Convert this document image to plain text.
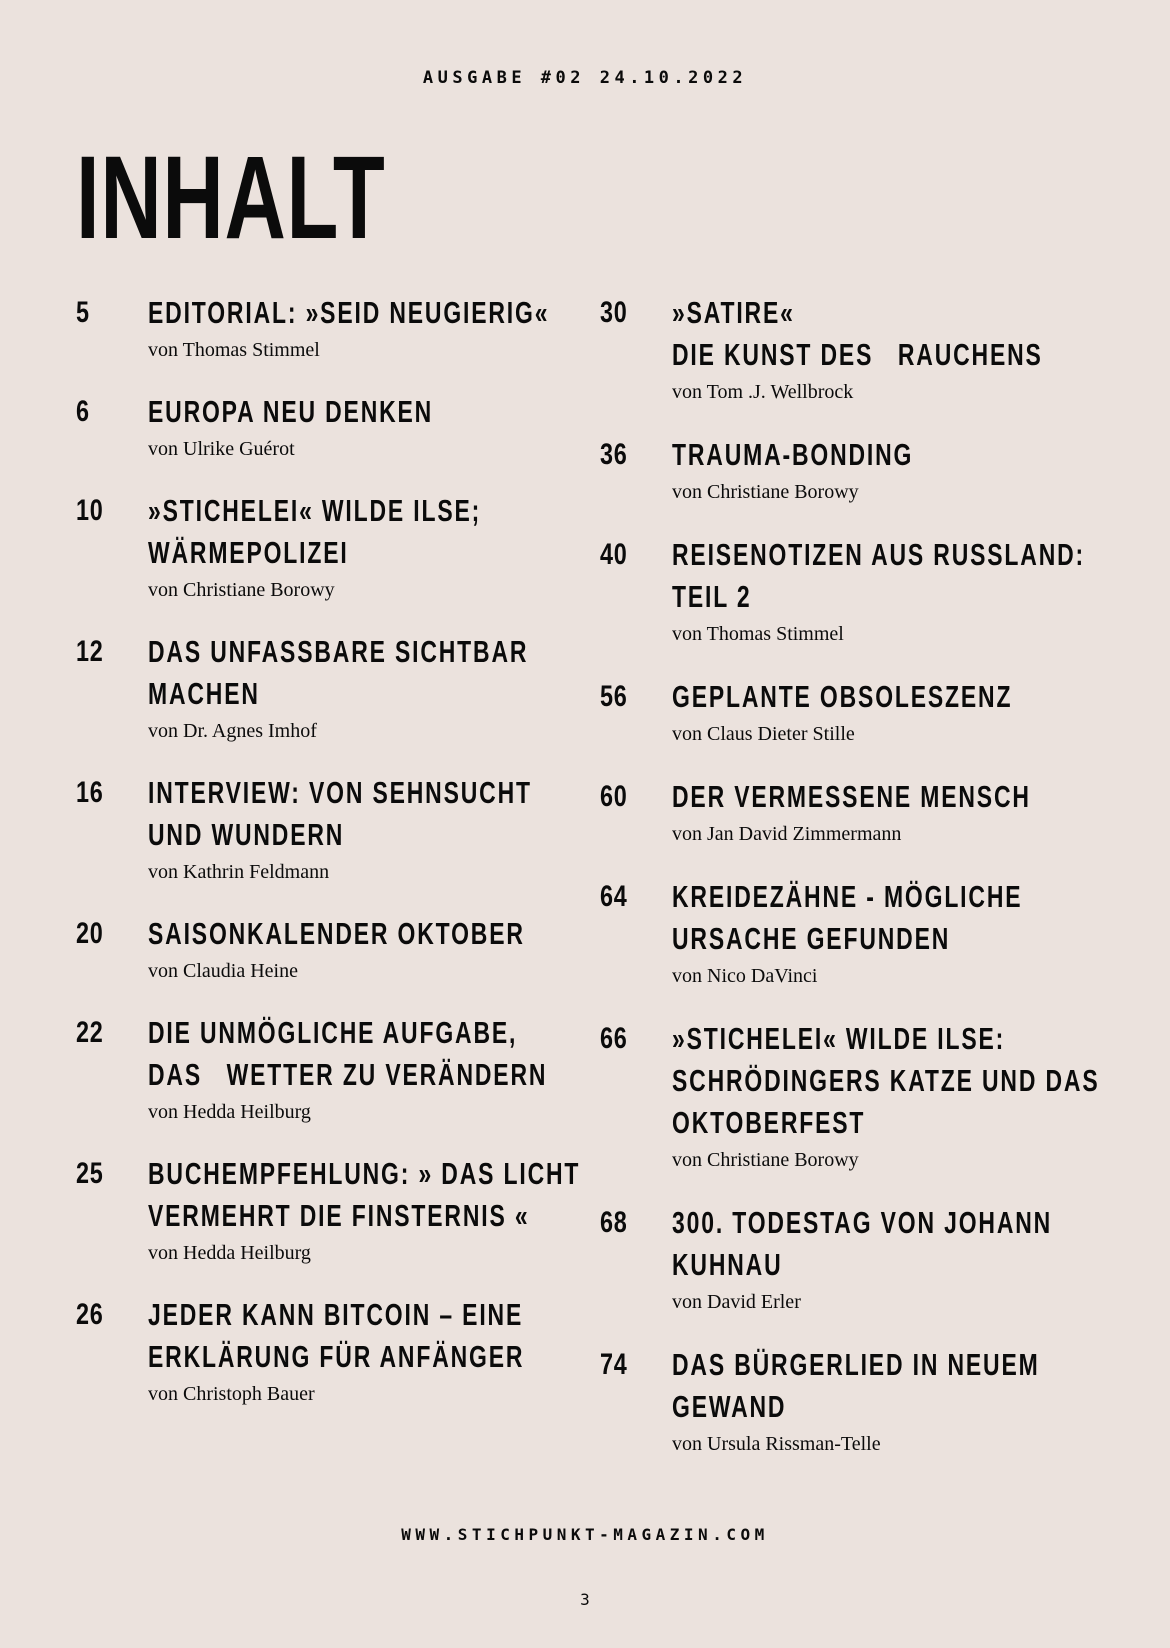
AUSGABE #02 24.10.2022
INHALT
5 EDITORIAL: »SEID NEUGIERIG«
von Thomas Stimmel
6 EUROPA NEU DENKEN
von Ulrike Guérot
10 »STICHELEI« WILDE ILSE;
WÄRMEPOLIZEI
von Christiane Borowy
12 DAS UNFASSBARE SICHTBAR
MACHEN
von Dr. Agnes Imhof
16 INTERVIEW: VON SEHNSUCHT
UND WUNDERN
von Kathrin Feldmann
20 SAISONKALENDER OKTOBER
von Claudia Heine
22 DIE UNMÖGLICHE AUFGABE,
DAS   WETTER ZU VERÄNDERN
von Hedda Heilburg
25 BUCHEMPFEHLUNG: » DAS LICHT
VERMEHRT DIE FINSTERNIS «
von Hedda Heilburg
26 JEDER KANN BITCOIN – EINE
ERKLÄRUNG FÜR ANFÄNGER
von Christoph Bauer
30 »SATIRE«
DIE KUNST DES   RAUCHENS
von Tom .J. Wellbrock
36 TRAUMA-BONDING
von Christiane Borowy
40 REISENOTIZEN AUS RUSSLAND:
TEIL 2
von Thomas Stimmel
56 GEPLANTE OBSOLESZENZ
von Claus Dieter Stille
60 DER VERMESSENE MENSCH
von Jan David Zimmermann
64 KREIDEZÄHNE - MÖGLICHE
URSACHE GEFUNDEN
von Nico DaVinci
66 »STICHELEI« WILDE ILSE:
SCHRÖDINGERS KATZE UND DAS
OKTOBERFEST
von Christiane Borowy
68 300. TODESTAG VON JOHANN
KUHNAU
von David Erler
74 DAS BÜRGERLIED IN NEUEM
GEWAND
von Ursula Rissman-Telle
WWW.STICHPUNKT-MAGAZIN.COM
3
